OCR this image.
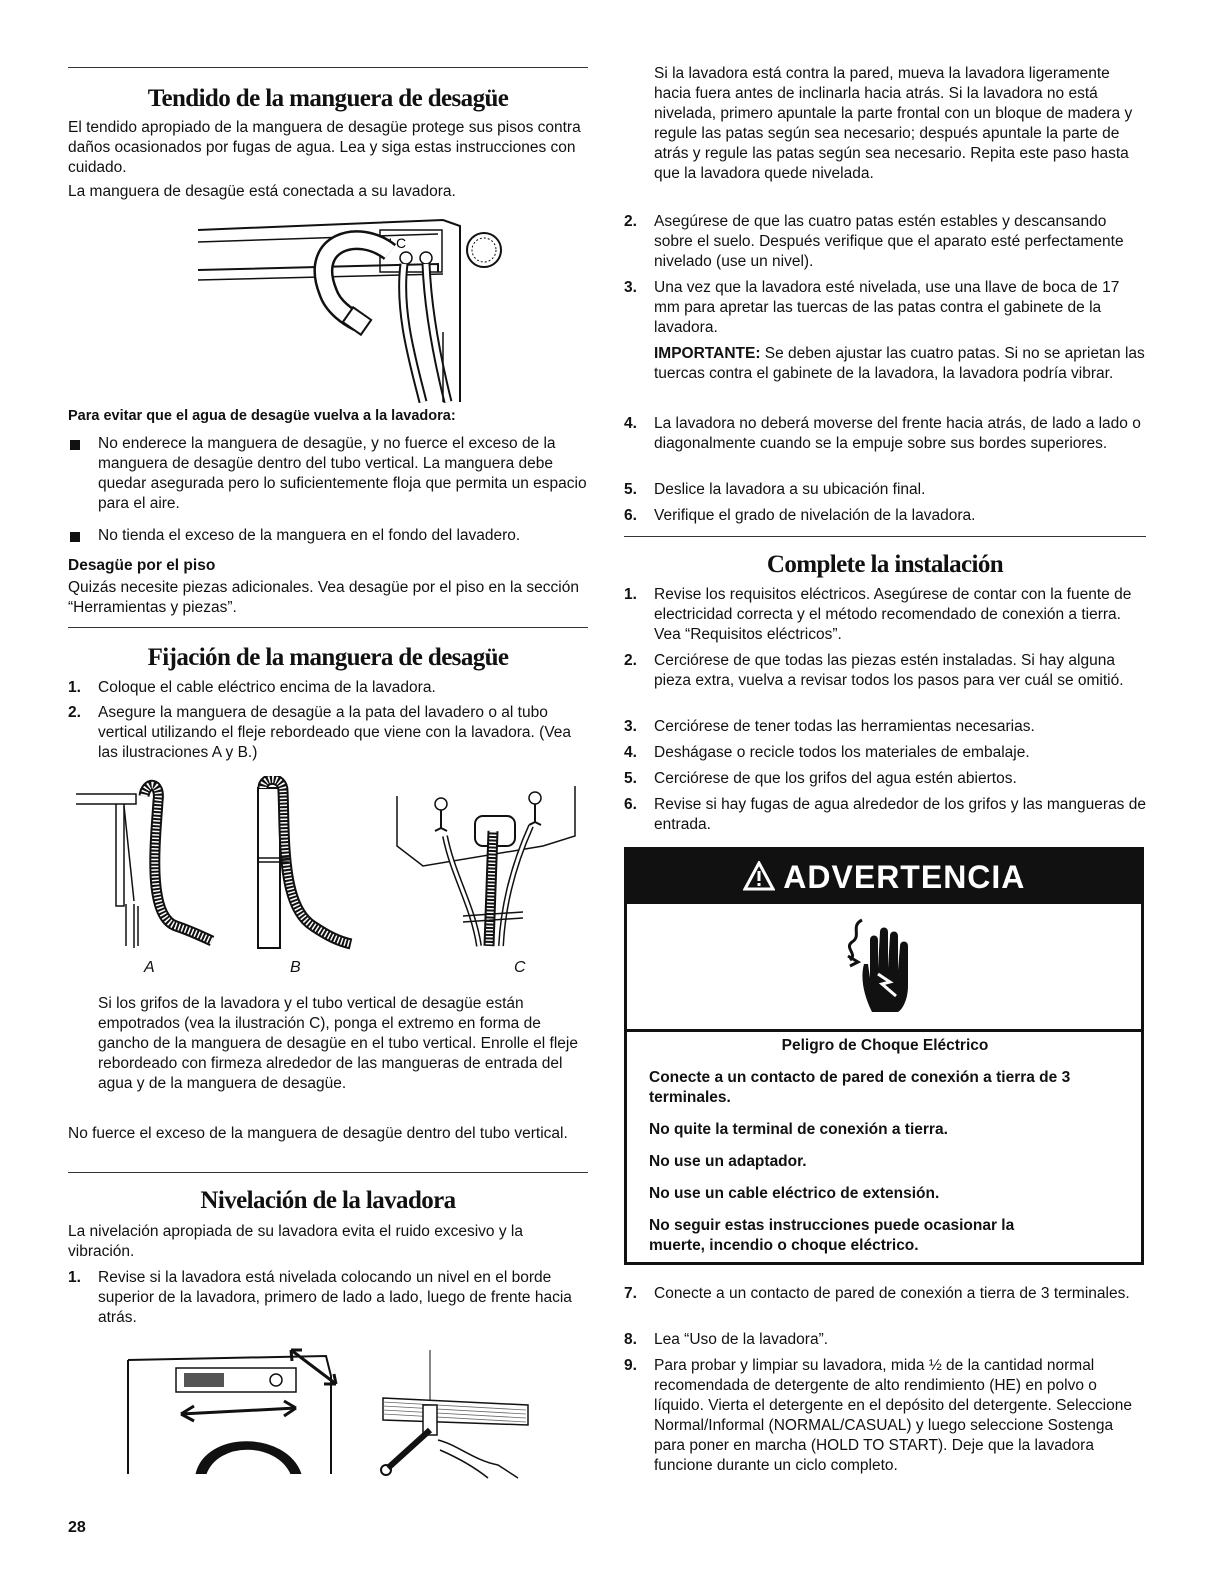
Tendido de la manguera de desagüe
El tendido apropiado de la manguera de desagüe protege sus pisos contra daños ocasionados por fugas de agua. Lea y siga estas instrucciones con cuidado.
La manguera de desagüe está conectada a su lavadora.
H C
Para evitar que el agua de desagüe vuelva a la lavadora:
No enderece la manguera de desagüe, y no fuerce el exceso de la manguera de desagüe dentro del tubo vertical. La manguera debe quedar asegurada pero lo suficientemente floja que permita un espacio para el aire.
No tienda el exceso de la manguera en el fondo del lavadero.
Desagüe por el piso
Quizás necesite piezas adicionales. Vea desagüe por el piso en la sección “Herramientas y piezas”.
Fijación de la manguera de desagüe
1. Coloque el cable eléctrico encima de la lavadora.
2. Asegure la manguera de desagüe a la pata del lavadero o al tubo vertical utilizando el fleje rebordeado que viene con la lavadora. (Vea las ilustraciones A y B.)
A	B	C
Si los grifos de la lavadora y el tubo vertical de desagüe están empotrados (vea la ilustración C), ponga el extremo en forma de gancho de la manguera de desagüe en el tubo vertical. Enrolle el fleje rebordeado con firmeza alrededor de las mangueras de entrada del agua y de la manguera de desagüe.
No fuerce el exceso de la manguera de desagüe dentro del tubo vertical.
Nivelación de la lavadora
La nivelación apropiada de su lavadora evita el ruido excesivo y la vibración.
1. Revise si la lavadora está nivelada colocando un nivel en el borde superior de la lavadora, primero de lado a lado, luego de frente hacia atrás.
28
Si la lavadora está contra la pared, mueva la lavadora ligeramente hacia fuera antes de inclinarla hacia atrás. Si la lavadora no está nivelada, primero apuntale la parte frontal con un bloque de madera y regule las patas según sea necesario; después apuntale la parte de atrás y regule las patas según sea necesario. Repita este paso hasta que la lavadora quede nivelada.
2. Asegúrese de que las cuatro patas estén estables y descansando sobre el suelo. Después verifique que el aparato esté perfectamente nivelado (use un nivel).
3. Una vez que la lavadora esté nivelada, use una llave de boca de 17 mm para apretar las tuercas de las patas contra el gabinete de la lavadora.
IMPORTANTE: Se deben ajustar las cuatro patas. Si no se aprietan las tuercas contra el gabinete de la lavadora, la lavadora podría vibrar.
4. La lavadora no deberá moverse del frente hacia atrás, de lado a lado o diagonalmente cuando se la empuje sobre sus bordes superiores.
5. Deslice la lavadora a su ubicación final.
6. Verifique el grado de nivelación de la lavadora.
Complete la instalación
1. Revise los requisitos eléctricos. Asegúrese de contar con la fuente de electricidad correcta y el método recomendado de conexión a tierra. Vea “Requisitos eléctricos”.
2. Cerciórese de que todas las piezas estén instaladas. Si hay alguna pieza extra, vuelva a revisar todos los pasos para ver cuál se omitió.
3. Cerciórese de tener todas las herramientas necesarias.
4. Deshágase o recicle todos los materiales de embalaje.
5. Cerciórese de que los grifos del agua estén abiertos.
6. Revise si hay fugas de agua alrededor de los grifos y las mangueras de entrada.
7. Conecte a un contacto de pared de conexión a tierra de 3 terminales.
8. Lea “Uso de la lavadora”.
9. Para probar y limpiar su lavadora, mida ½ de la cantidad normal recomendada de detergente de alto rendimiento (HE) en polvo o líquido. Vierta el detergente en el depósito del detergente. Seleccione Normal/Informal (NORMAL/CASUAL) y luego seleccione Sostenga para poner en marcha (HOLD TO START). Deje que la lavadora funcione durante un ciclo completo.
ADVERTENCIA
Peligro de Choque Eléctrico
Conecte a un contacto de pared de conexión a tierra de 3 terminales.
No quite la terminal de conexión a tierra.
No use un adaptador.
No use un cable eléctrico de extensión.
No seguir estas instrucciones puede ocasionar la muerte, incendio o choque eléctrico.
